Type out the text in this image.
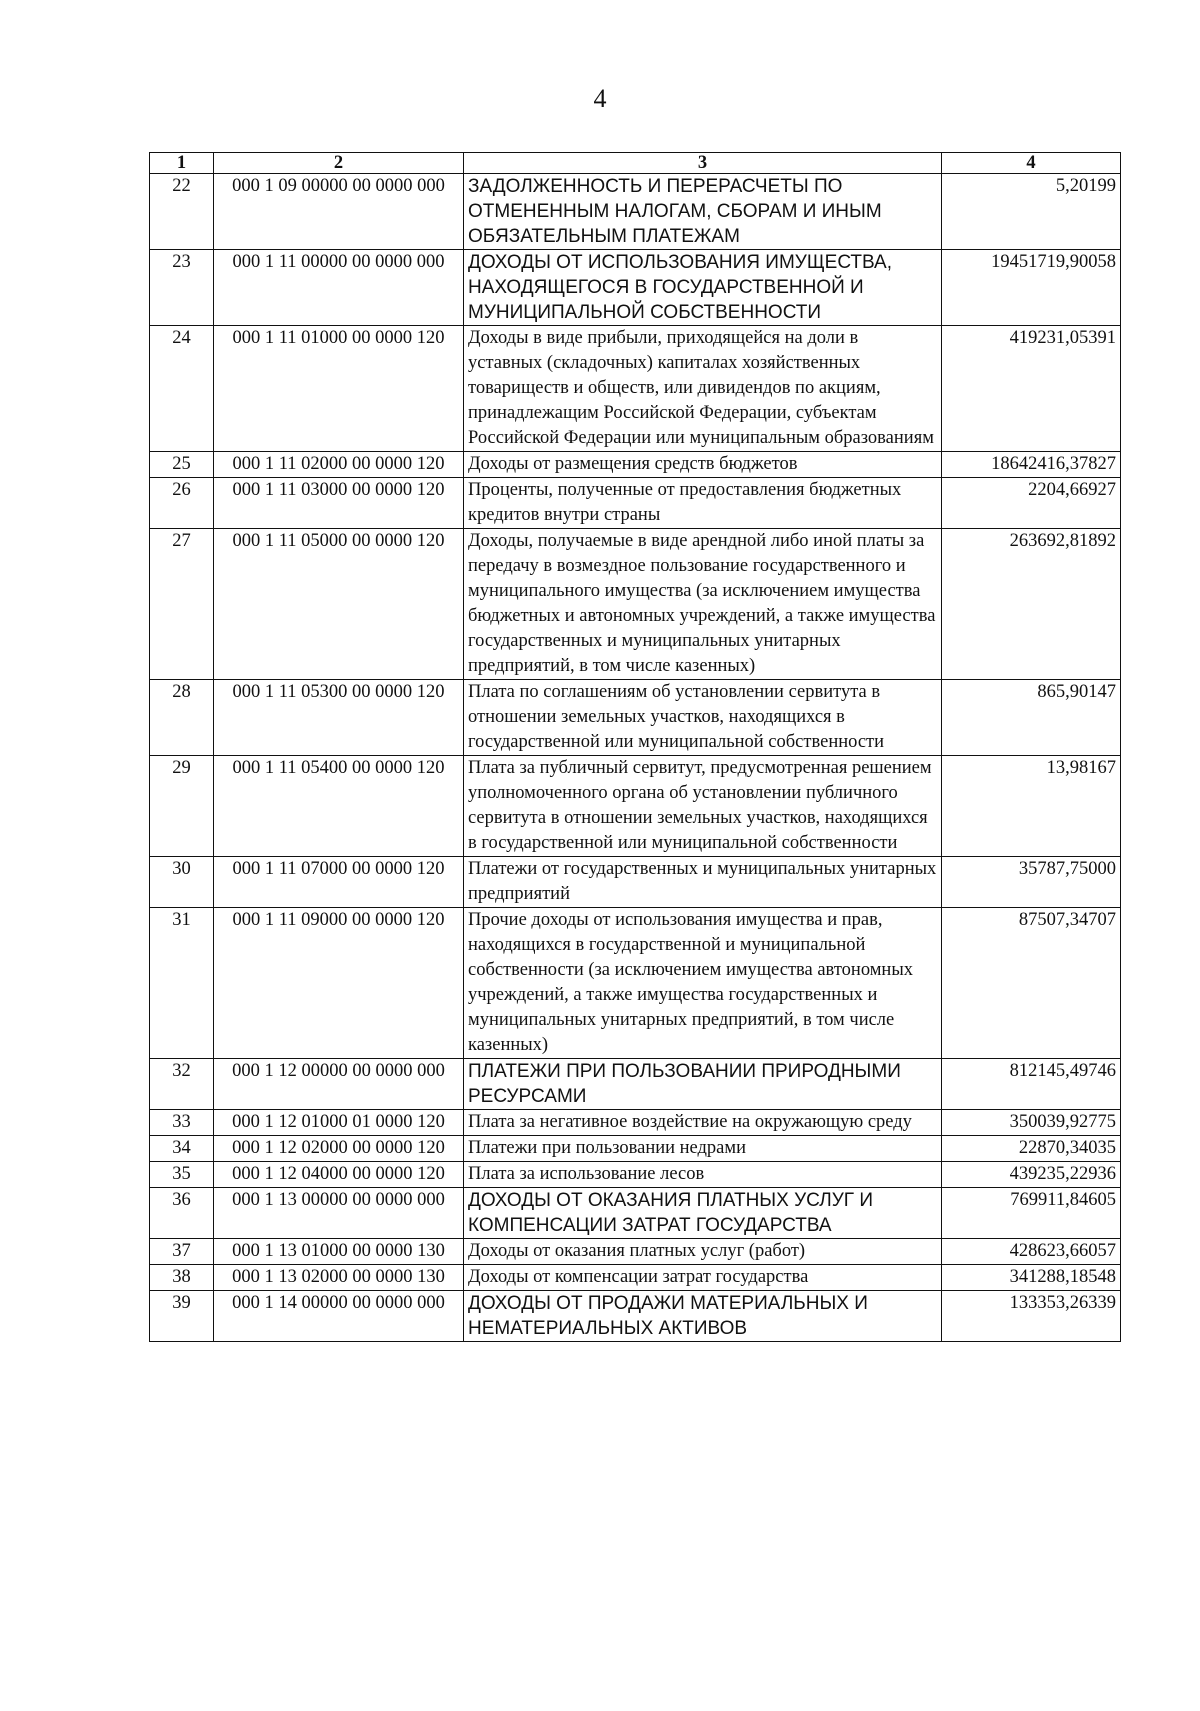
4
1	2	3	4
22	000 1 09 00000 00 0000 000	ЗАДОЛЖЕННОСТЬ И ПЕРЕРАСЧЕТЫ ПО ОТМЕНЕННЫМ НАЛОГАМ, СБОРАМ И ИНЫМ ОБЯЗАТЕЛЬНЫМ ПЛАТЕЖАМ	5,20199
23	000 1 11 00000 00 0000 000	ДОХОДЫ ОТ ИСПОЛЬЗОВАНИЯ ИМУЩЕСТВА, НАХОДЯЩЕГОСЯ В ГОСУДАРСТВЕННОЙ И МУНИЦИПАЛЬНОЙ СОБСТВЕННОСТИ	19451719,90058
24	000 1 11 01000 00 0000 120	Доходы в виде прибыли, приходящейся на доли в уставных (складочных) капиталах хозяйственных товариществ и обществ, или дивидендов по акциям, принадлежащим Российской Федерации, субъектам Российской Федерации или муниципальным образованиям	419231,05391
25	000 1 11 02000 00 0000 120	Доходы от размещения средств бюджетов	18642416,37827
26	000 1 11 03000 00 0000 120	Проценты, полученные от предоставления бюджетных кредитов внутри страны	2204,66927
27	000 1 11 05000 00 0000 120	Доходы, получаемые в виде арендной либо иной платы за передачу в возмездное пользование государственного и муниципального имущества (за исключением имущества бюджетных и автономных учреждений, а также имущества государственных и муниципальных унитарных предприятий, в том числе казенных)	263692,81892
28	000 1 11 05300 00 0000 120	Плата по соглашениям об установлении сервитута в отношении земельных участков, находящихся в государственной или муниципальной собственности	865,90147
29	000 1 11 05400 00 0000 120	Плата за публичный сервитут, предусмотренная решением уполномоченного органа об установлении публичного сервитута в отношении земельных участков, находящихся в государственной или муниципальной собственности	13,98167
30	000 1 11 07000 00 0000 120	Платежи от государственных и муниципальных унитарных предприятий	35787,75000
31	000 1 11 09000 00 0000 120	Прочие доходы от использования имущества и прав, находящихся в государственной и муниципальной собственности (за исключением имущества автономных учреждений, а также имущества государственных и муниципальных унитарных предприятий, в том числе казенных)	87507,34707
32	000 1 12 00000 00 0000 000	ПЛАТЕЖИ ПРИ ПОЛЬЗОВАНИИ ПРИРОДНЫМИ РЕСУРСАМИ	812145,49746
33	000 1 12 01000 01 0000 120	Плата за негативное воздействие на окружающую среду	350039,92775
34	000 1 12 02000 00 0000 120	Платежи при пользовании недрами	22870,34035
35	000 1 12 04000 00 0000 120	Плата за использование лесов	439235,22936
36	000 1 13 00000 00 0000 000	ДОХОДЫ ОТ ОКАЗАНИЯ ПЛАТНЫХ УСЛУГ И КОМПЕНСАЦИИ ЗАТРАТ ГОСУДАРСТВА	769911,84605
37	000 1 13 01000 00 0000 130	Доходы от оказания платных услуг (работ)	428623,66057
38	000 1 13 02000 00 0000 130	Доходы от компенсации затрат государства	341288,18548
39	000 1 14 00000 00 0000 000	ДОХОДЫ ОТ ПРОДАЖИ МАТЕРИАЛЬНЫХ И НЕМАТЕРИАЛЬНЫХ АКТИВОВ	133353,26339
